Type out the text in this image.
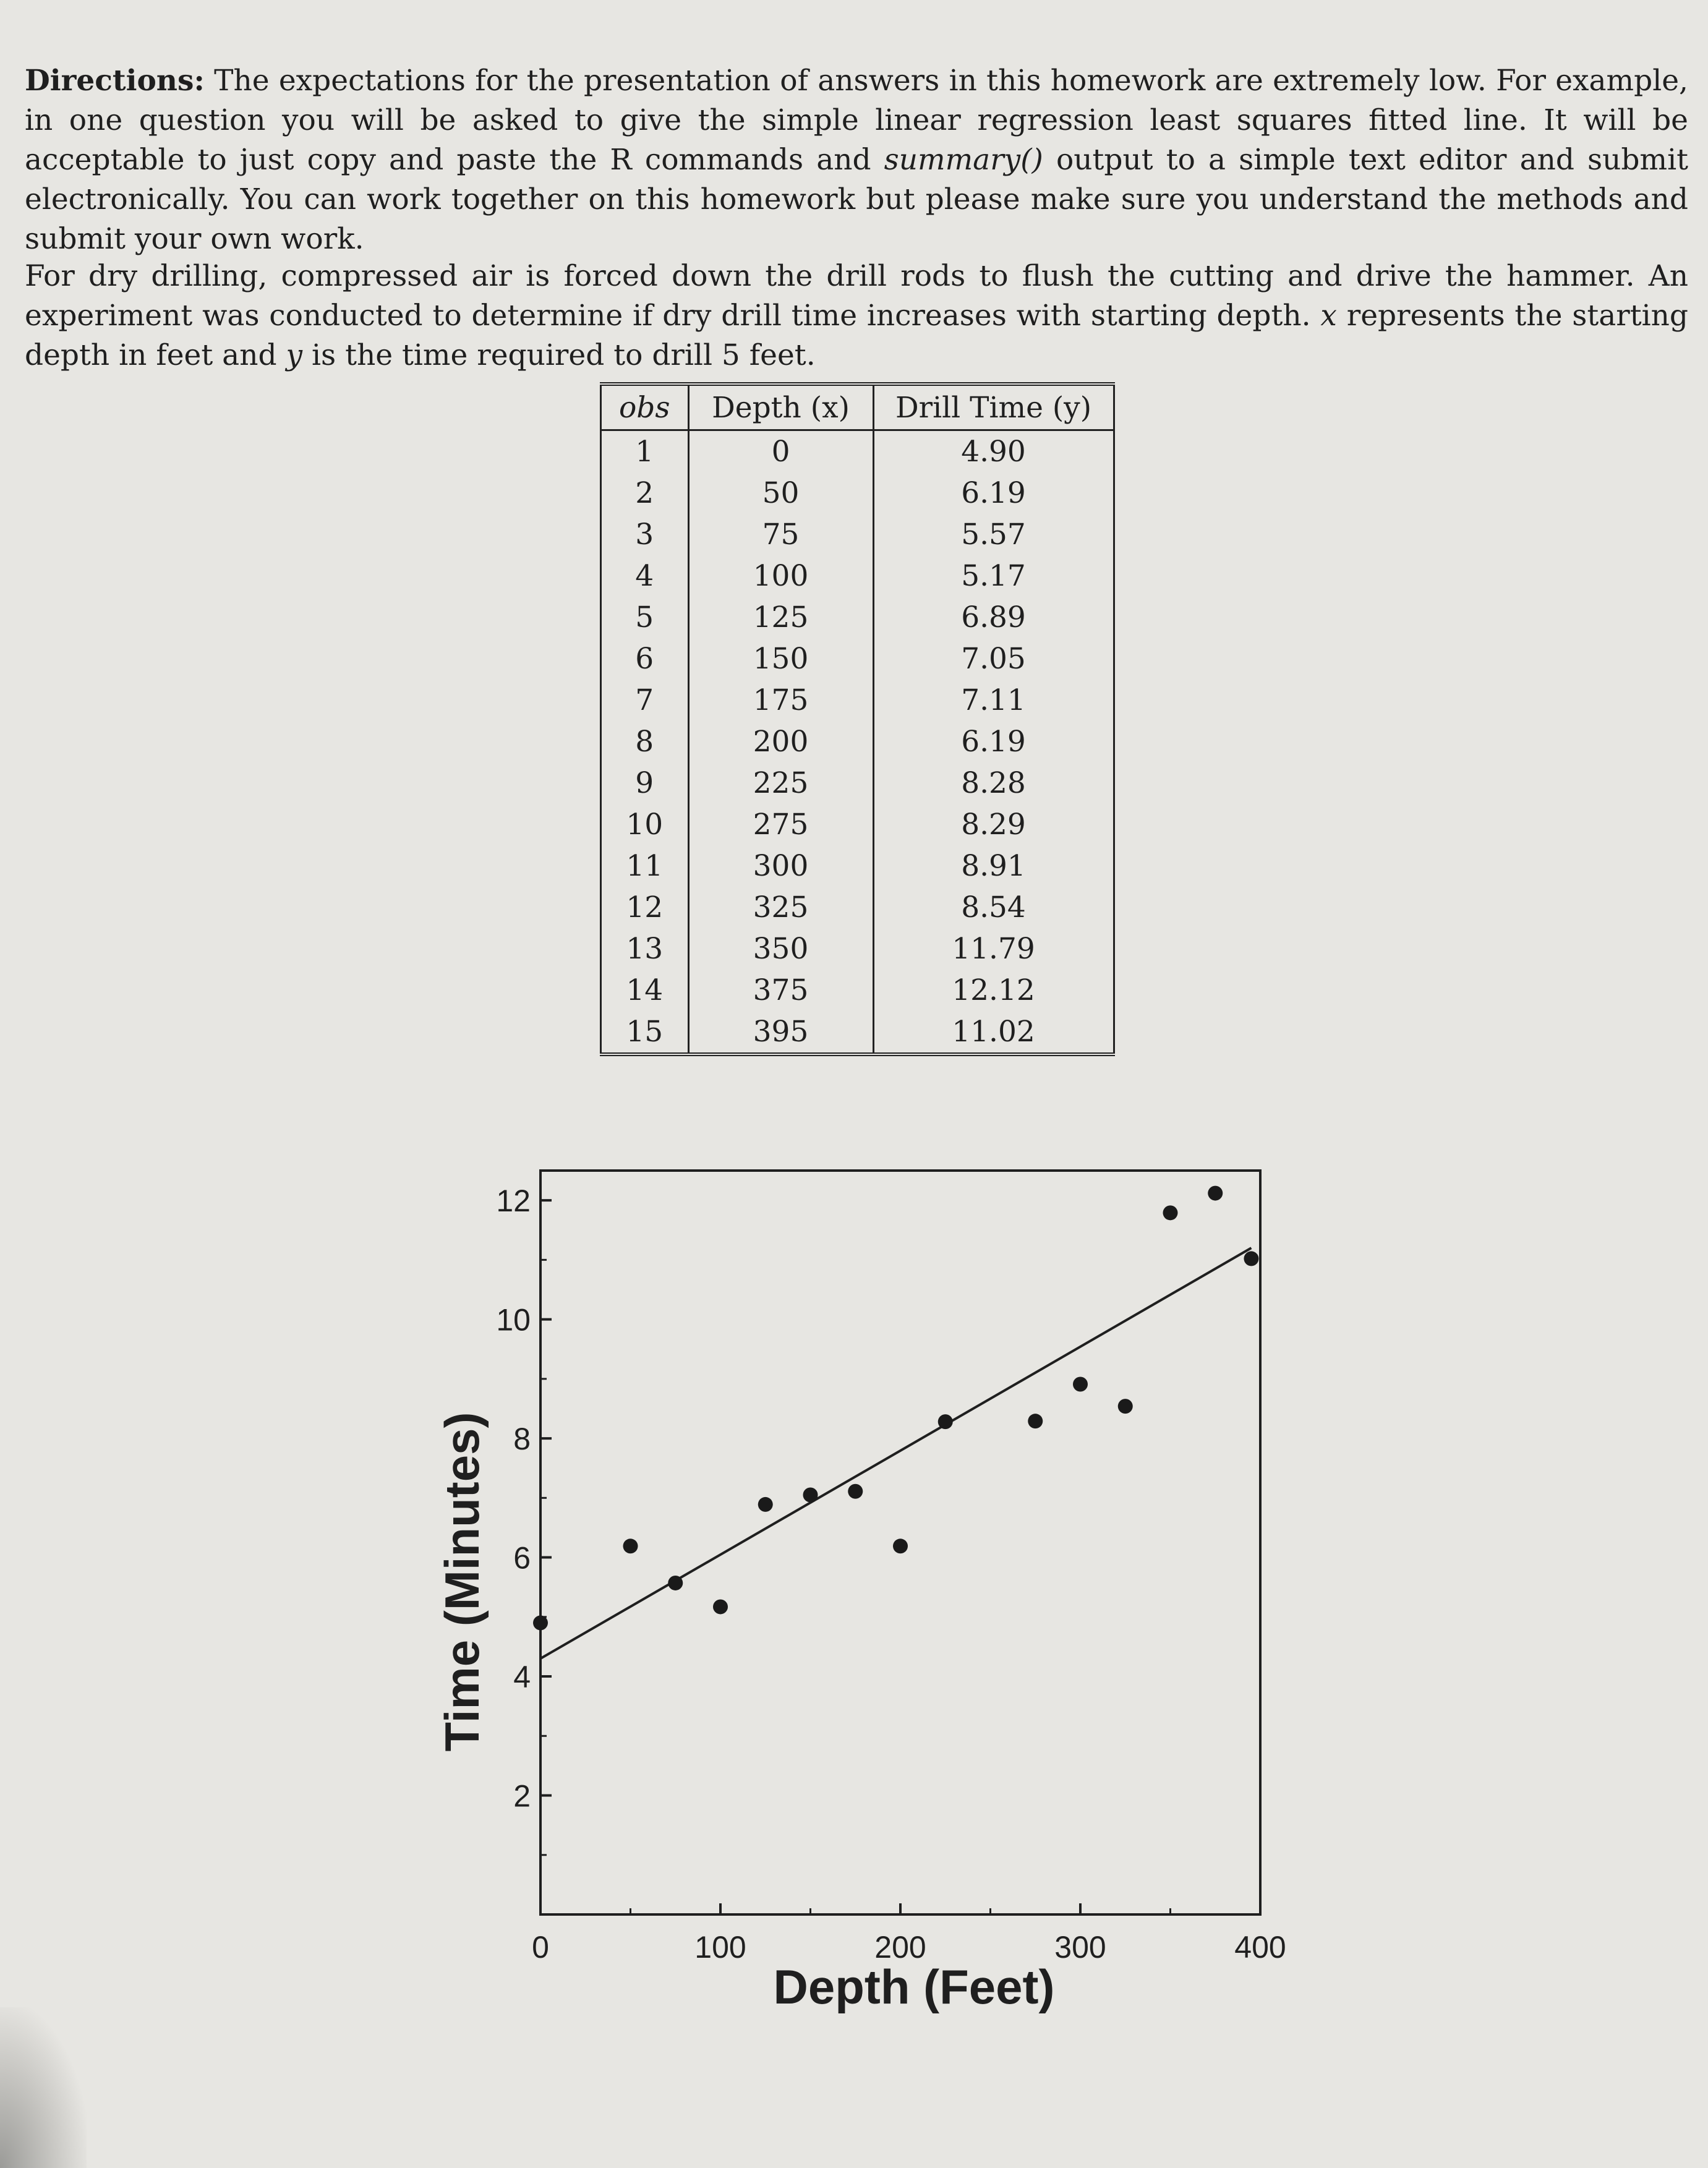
Directions: The expectations for the presentation of answers in this homework are extremely low. For example, in one question you will be asked to give the simple linear regression least squares fitted line. It will be acceptable to just copy and paste the R commands and summary() output to a simple text editor and submit electronically. You can work together on this homework but please make sure you understand the methods and submit your own work.

For dry drilling, compressed air is forced down the drill rods to flush the cutting and drive the hammer. An experiment was conducted to determine if dry drill time increases with starting depth. x represents the starting depth in feet and y is the time required to drill 5 feet.

obs	Depth (x)	Drill Time (y)
1	0	4.90
2	50	6.19
3	75	5.57
4	100	5.17
5	125	6.89
6	150	7.05
7	175	7.11
8	200	6.19
9	225	8.28
10	275	8.29
11	300	8.91
12	325	8.54
13	350	11.79
14	375	12.12
15	395	11.02
2
4
6
8
10
12
0	100	200	300	400
Depth (Feet)
Time (Minutes)
